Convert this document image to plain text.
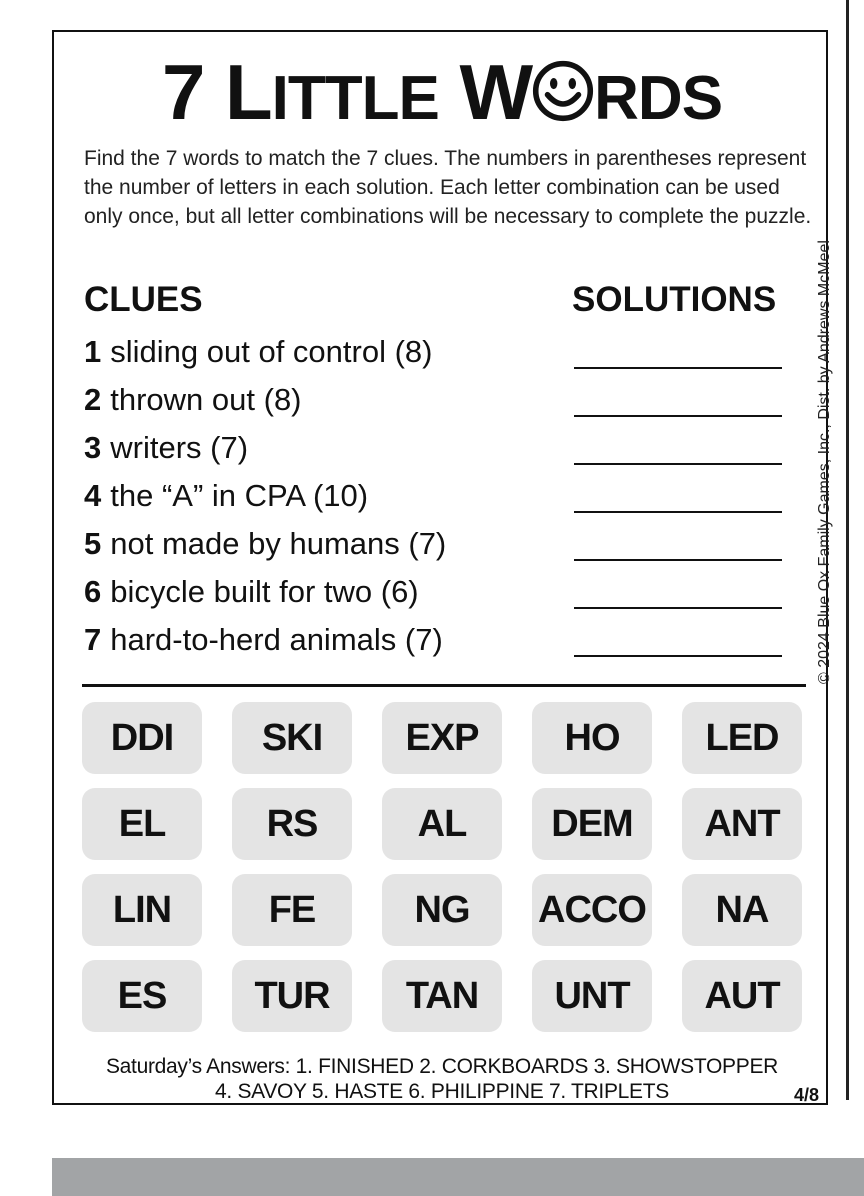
7 LITTLE W RDS
Find the 7 words to match the 7 clues. The numbers in parentheses represent the number of letters in each solution. Each letter combination can be used only once, but all letter combinations will be necessary to complete the puzzle.
© 2024 Blue Ox Family Games, Inc., Dist. by Andrews McMeel
CLUES	SOLUTIONS
1 sliding out of control (8)
2 thrown out (8)
3 writers (7)
4 the “A” in CPA (10)
5 not made by humans (7)
6 bicycle built for two (6)
7 hard-to-herd animals (7)
DDI	SKI	EXP	HO	LED
EL	RS	AL	DEM	ANT
LIN	FE	NG	ACCO	NA
ES	TUR	TAN	UNT	AUT
Saturday’s Answers: 1. FINISHED 2. CORKBOARDS 3. SHOWSTOPPER
4. SAVOY 5. HASTE 6. PHILIPPINE 7. TRIPLETS	4/8
